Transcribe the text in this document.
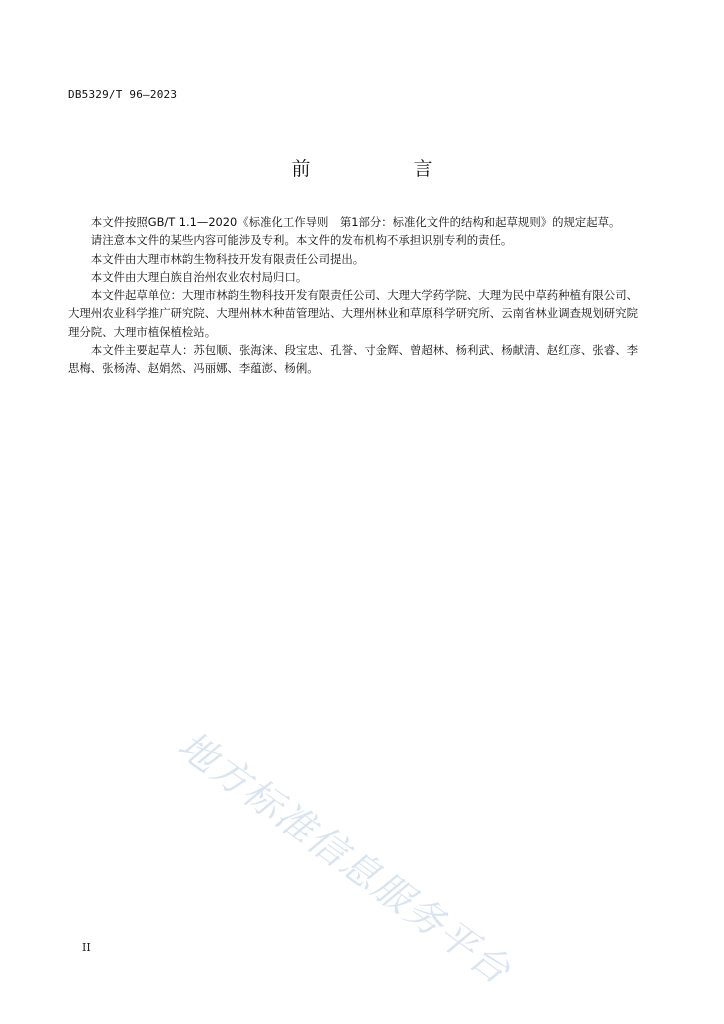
DB5329/T 96—2023
前　言

本文件按照GB/T 1.1—2020《标准化工作导则　第1部分：标准化文件的结构和起草规则》的规定起草。

请注意本文件的某些内容可能涉及专利。本文件的发布机构不承担识别专利的责任。

本文件由大理市林韵生物科技开发有限责任公司提出。

本文件由大理白族自治州农业农村局归口。

本文件起草单位：大理市林韵生物科技开发有限责任公司、大理大学药学院、大理为民中草药种植有限公司、大理州农业科学推广研究院、大理州林木种苗管理站、大理州林业和草原科学研究所、云南省林业调查规划研究院理分院、大理市植保植检站。

本文件主要起草人：苏包顺、张海涞、段宝忠、孔誉、寸金辉、曾超林、杨利武、杨献清、赵红彦、张睿、李思梅、张杨涛、赵娟然、冯丽娜、李蕴澎、杨俐。

地方标准信息服务平台
II
